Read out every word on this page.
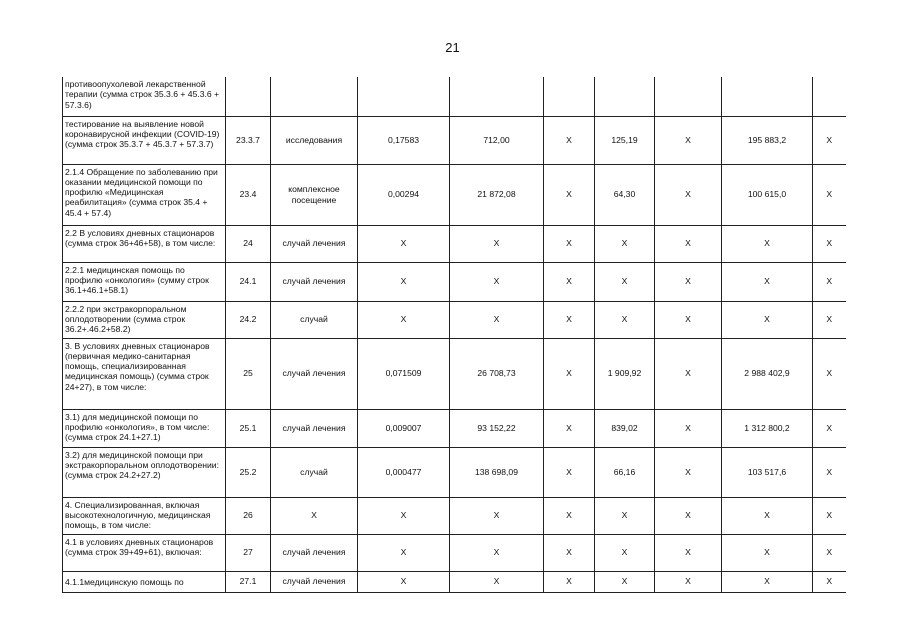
21
противоопухолевой лекарственной терапии (сумма строк 35.3.6 + 45.3.6 + 57.3.6)									
тестирование на выявление новой коронавирусной инфекции (COVID-19) (сумма строк 35.3.7 + 45.3.7 + 57.3.7)	23.3.7	исследования	0,17583	712,00	X	125,19	X	195 883,2	X
2.1.4 Обращение по заболеванию при оказании медицинской помощи по профилю «Медицинская реабилитация» (сумма строк 35.4 + 45.4 + 57.4)	23.4	комплексное посещение	0,00294	21 872,08	X	64,30	X	100 615,0	X
2.2 В условиях дневных стационаров (сумма строк 36+46+58), в том числе:	24	случай лечения	X	X	X	X	X	X	X
2.2.1 медицинская помощь по профилю «онкология» (сумму строк 36.1+46.1+58.1)	24.1	случай лечения	X	X	X	X	X	X	X
2.2.2 при экстракорпоральном оплодотворении (сумма строк 36.2+.46.2+58.2)	24.2	случай	X	X	X	X	X	X	X
3. В условиях дневных стационаров (первичная медико-санитарная помощь, специализированная медицинская помощь) (сумма строк 24+27), в том числе:	25	случай лечения	0,071509	26 708,73	X	1 909,92	X	2 988 402,9	X
3.1) для медицинской помощи по профилю «онкология», в том числе: (сумма строк 24.1+27.1)	25.1	случай лечения	0,009007	93 152,22	X	839,02	X	1 312 800,2	X
3.2) для медицинской помощи при экстракорпоральном оплодотворении: (сумма строк 24.2+27.2)	25.2	случай	0,000477	138 698,09	X	66,16	X	103 517,6	X
4. Специализированная, включая высокотехнологичную, медицинская помощь, в том числе:	26	X	X	X	X	X	X	X	X
4.1 в условиях дневных стационаров (сумма строк 39+49+61), включая:	27	случай лечения	X	X	X	X	X	X	X
4.1.1медицинскую помощь по	27.1	случай лечения	X	X	X	X	X	X	X
